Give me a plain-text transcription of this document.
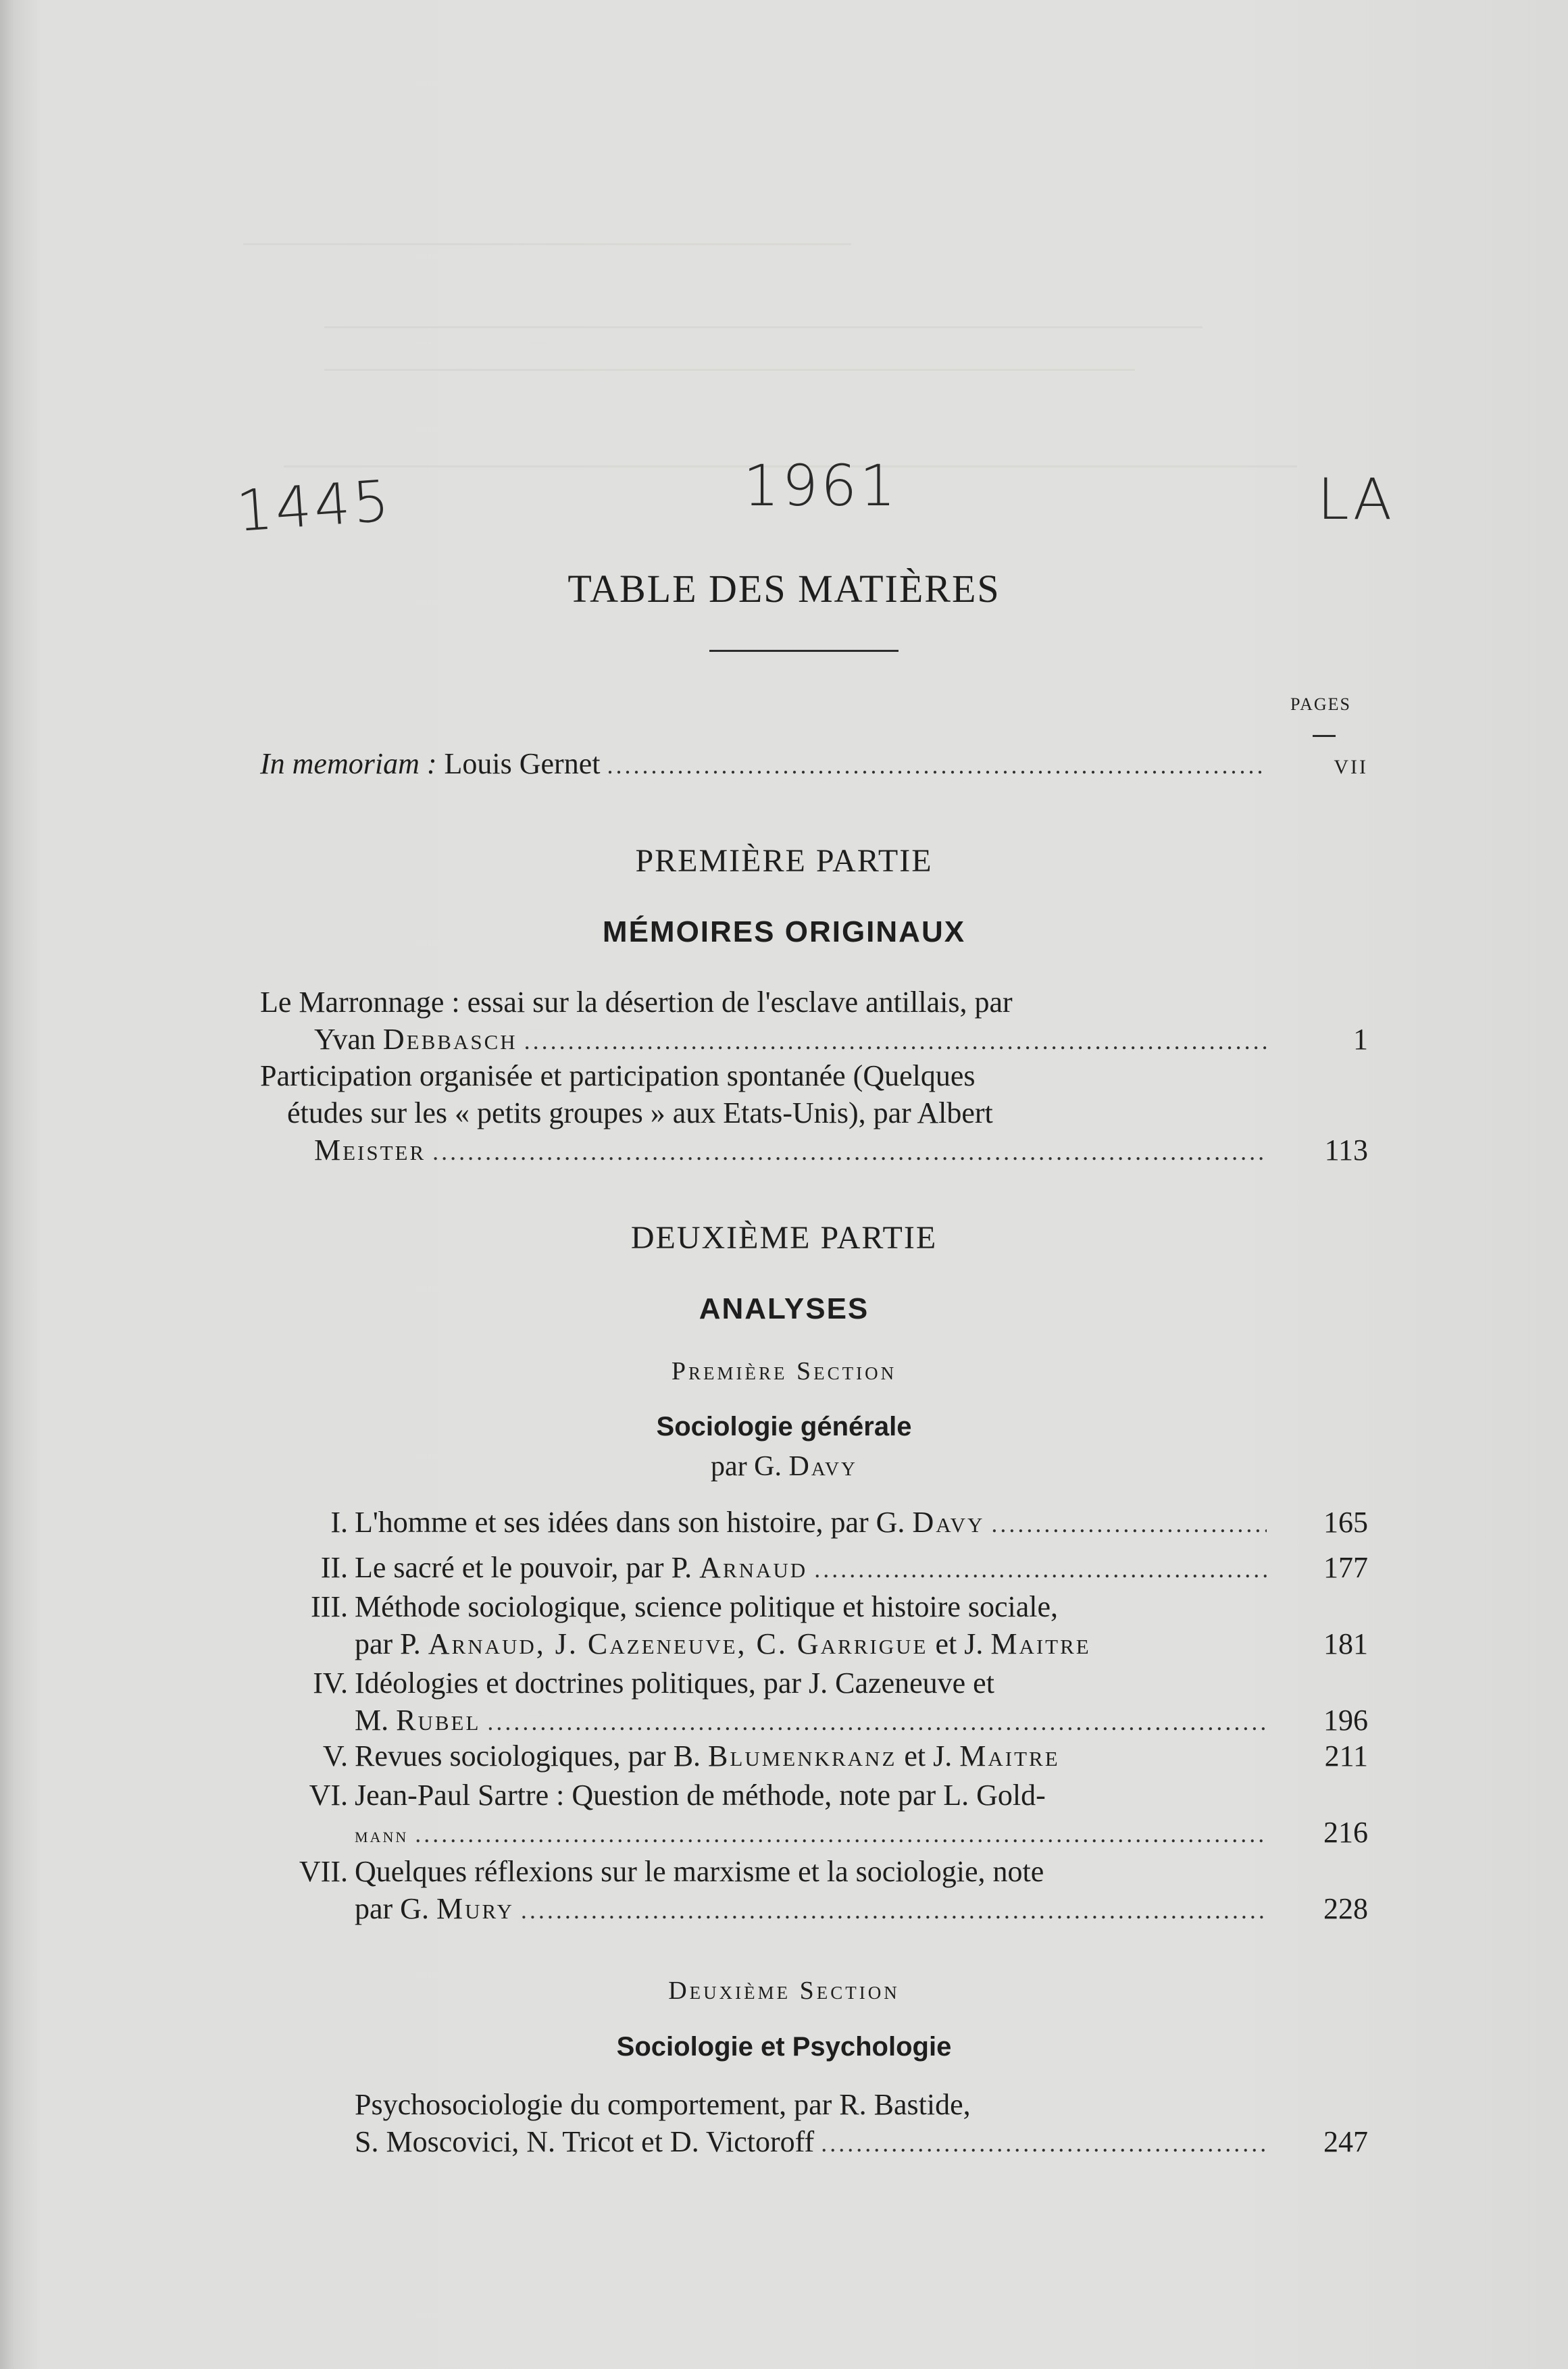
1445	1961	LA
TABLE DES MATIÈRES
PAGES
In memoriam : Louis Gernet .....	VII
PREMIÈRE PARTIE
MÉMOIRES ORIGINAUX
Le Marronnage : essai sur la désertion de l'esclave antillais, par
Yvan Debbasch .....	1
Participation organisée et participation spontanée (Quelques
études sur les « petits groupes » aux Etats-Unis), par Albert
Meister .....	113
DEUXIÈME PARTIE
ANALYSES
Première Section
Sociologie générale
par G. Davy
I. L'homme et ses idées dans son histoire, par G. Davy .....	165
II. Le sacré et le pouvoir, par P. Arnaud .....	177
III. Méthode sociologique, science politique et histoire sociale,
par P. Arnaud, J. Cazeneuve, C. Garrigue et J. Maitre	181
IV. Idéologies et doctrines politiques, par J. Cazeneuve et
M. Rubel .....	196
V. Revues sociologiques, par B. Blumenkranz et J. Maitre	211
VI. Jean-Paul Sartre : Question de méthode, note par L. Gold-
mann .....	216
VII. Quelques réflexions sur le marxisme et la sociologie, note
par G. Mury .....	228
Deuxième Section
Sociologie et Psychologie
Psychosociologie du comportement, par R. Bastide,
S. Moscovici, N. Tricot et D. Victoroff .....	247
